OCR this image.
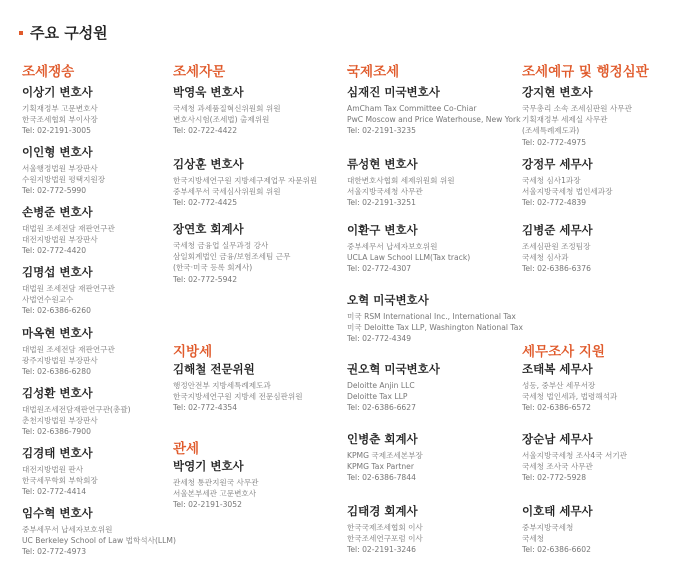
주요 구성원
조세쟁송
이상기 변호사
기획재정부 고문변호사
한국조세협회 부이사장
Tel: 02-2191-3005
이인형 변호사
서울행정법원 부장판사
수원지방법원 평택지원장
Tel: 02-772-5990
손병준 변호사
대법원 조세전담 재판연구관
대전지방법원 부장판사
Tel: 02-772-4420
김명섭 변호사
대법원 조세전담 재판연구관
사법연수원교수
Tel: 02-6386-6260
마옥현 변호사
대법원 조세전담 재판연구관
광주지방법원 부장판사
Tel: 02-6386-6280
김성환 변호사
대법원조세전담재판연구관(총괄)
춘천지방법원 부장판사
Tel: 02-6386-7900
김경태 변호사
대전지방법원 판사
한국세무학회 부학회장
Tel: 02-772-4414
임수혁 변호사
중부세무서 납세자보호위원
UC Berkeley School of Law 법학석사(LLM)
Tel: 02-772-4973
조세자문
박영욱 변호사
국세청 과세품질혁신위원회 위원
변호사시험(조세법) 출제위원
Tel: 02-722-4422
김상훈 변호사
한국지방세연구원 지방세구제업무 자문위원
중부세무서 국세심사위원회 위원
Tel: 02-772-4425
장연호 회계사
국세청 금융업 실무과정 강사
삼일회계법인 금융/보험조세팀 근무
(한국·미국 등록 회계사)
Tel: 02-772-5942
지방세
김해철 전문위원
행정안전부 지방세특례제도과
한국지방세연구원 지방세 전문심판위원
Tel: 02-772-4354
관세
박영기 변호사
관세청 통관지원국 사무관
서울본부세관 고문변호사
Tel: 02-2191-3052
국제조세
심재진 미국변호사
AmCham Tax Committee Co-Chiar
PwC Moscow and Price Waterhouse, New York
Tel: 02-2191-3235
류성현 변호사
대한변호사협회 세제위원회 위원
서울지방국세청 사무관
Tel: 02-2191-3251
이환구 변호사
중부세무서 납세자보호위원
UCLA Law School LLM(Tax track)
Tel: 02-772-4307
오혁 미국변호사
미국 RSM International Inc., International Tax
미국 Deloitte Tax LLP, Washington National Tax
Tel: 02-772-4349
권오혁 미국변호사
Deloitte Anjin LLC
Deloitte Tax LLP
Tel: 02-6386-6627
인병춘 회계사
KPMG 국제조세본부장
KPMG Tax Partner
Tel: 02-6386-7844
김태경 회계사
한국국제조세협회 이사
한국조세연구포럼 이사
Tel: 02-2191-3246
조세예규 및 행정심판
강지현 변호사
국무총리 소속 조세심판원 사무관
기획재정부 세제실 사무관
(조세특례제도과)
Tel: 02-772-4975
강정무 세무사
국세청 심사1과장
서울지방국세청 법인세과장
Tel: 02-772-4839
김병준 세무사
조세심판원 조정팀장
국세청 심사과
Tel: 02-6386-6376
세무조사 지원
조태복 세무사
성동, 중부산 세무서장
국세청 법인세과, 법령해석과
Tel: 02-6386-6572
장순남 세무사
서울지방국세청 조사4국 서기관
국세청 조사국 사무관
Tel: 02-772-5928
이호태 세무사
중부지방국세청
국세청
Tel: 02-6386-6602
